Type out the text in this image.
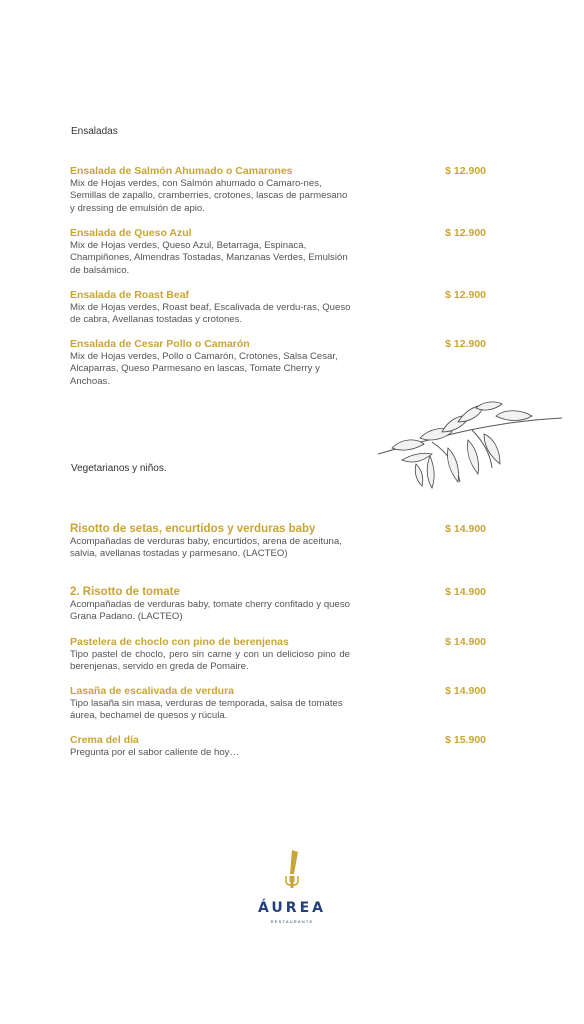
Ensaladas

Ensalada de Salmón Ahumado o Camarones	$ 12.900

Mix de Hojas verdes, con Salmón ahumado o Camaro-nes, Semillas de zapallo, cramberries, crotones, lascas de parmesano y dressing de emulsión de apio.

Ensalada de Queso Azul	$ 12.900

Mix de Hojas verdes, Queso Azul, Betarraga, Espinaca, Champiñones, Almendras Tostadas, Manzanas Verdes, Emulsión de balsámico.

Ensalada de Roast Beaf	$ 12.900

Mix de Hojas verdes, Roast beaf, Escalivada de verdu-ras, Queso de cabra, Avellanas tostadas y crotones.

Ensalada de Cesar Pollo o Camarón	$ 12.900

Mix de Hojas verdes, Pollo o Camarón, Crotones, Salsa Cesar, Alcaparras, Queso Parmesano en lascas, Tomate Cherry y Anchoas.

Vegetarianos y niños.

Risotto de setas, encurtidos y verduras baby	$ 14.900

Acompañadas de verduras baby, encurtidos, arena de aceituna, salvia, avellanas tostadas y parmesano. (LACTEO)

2. Risotto de tomate	$ 14.900

Acompañadas de verduras baby, tomate cherry confitado y queso Grana Padano. (LACTEO)

Pastelera de choclo con pino de berenjenas	$ 14.900

Tipo pastel de choclo, pero sin carne y con un delicioso pino de berenjenas, servido en greda de Pomaire.

Lasaña de escalivada de verdura	$ 14.900

Tipo lasaña sin masa, verduras de temporada, salsa de tomates áurea, bechamel de quesos y rúcula.

Crema del día	$ 15.900

Pregunta por el sabor caliente de hoy…

ÁUREA
RESTAURANTE
